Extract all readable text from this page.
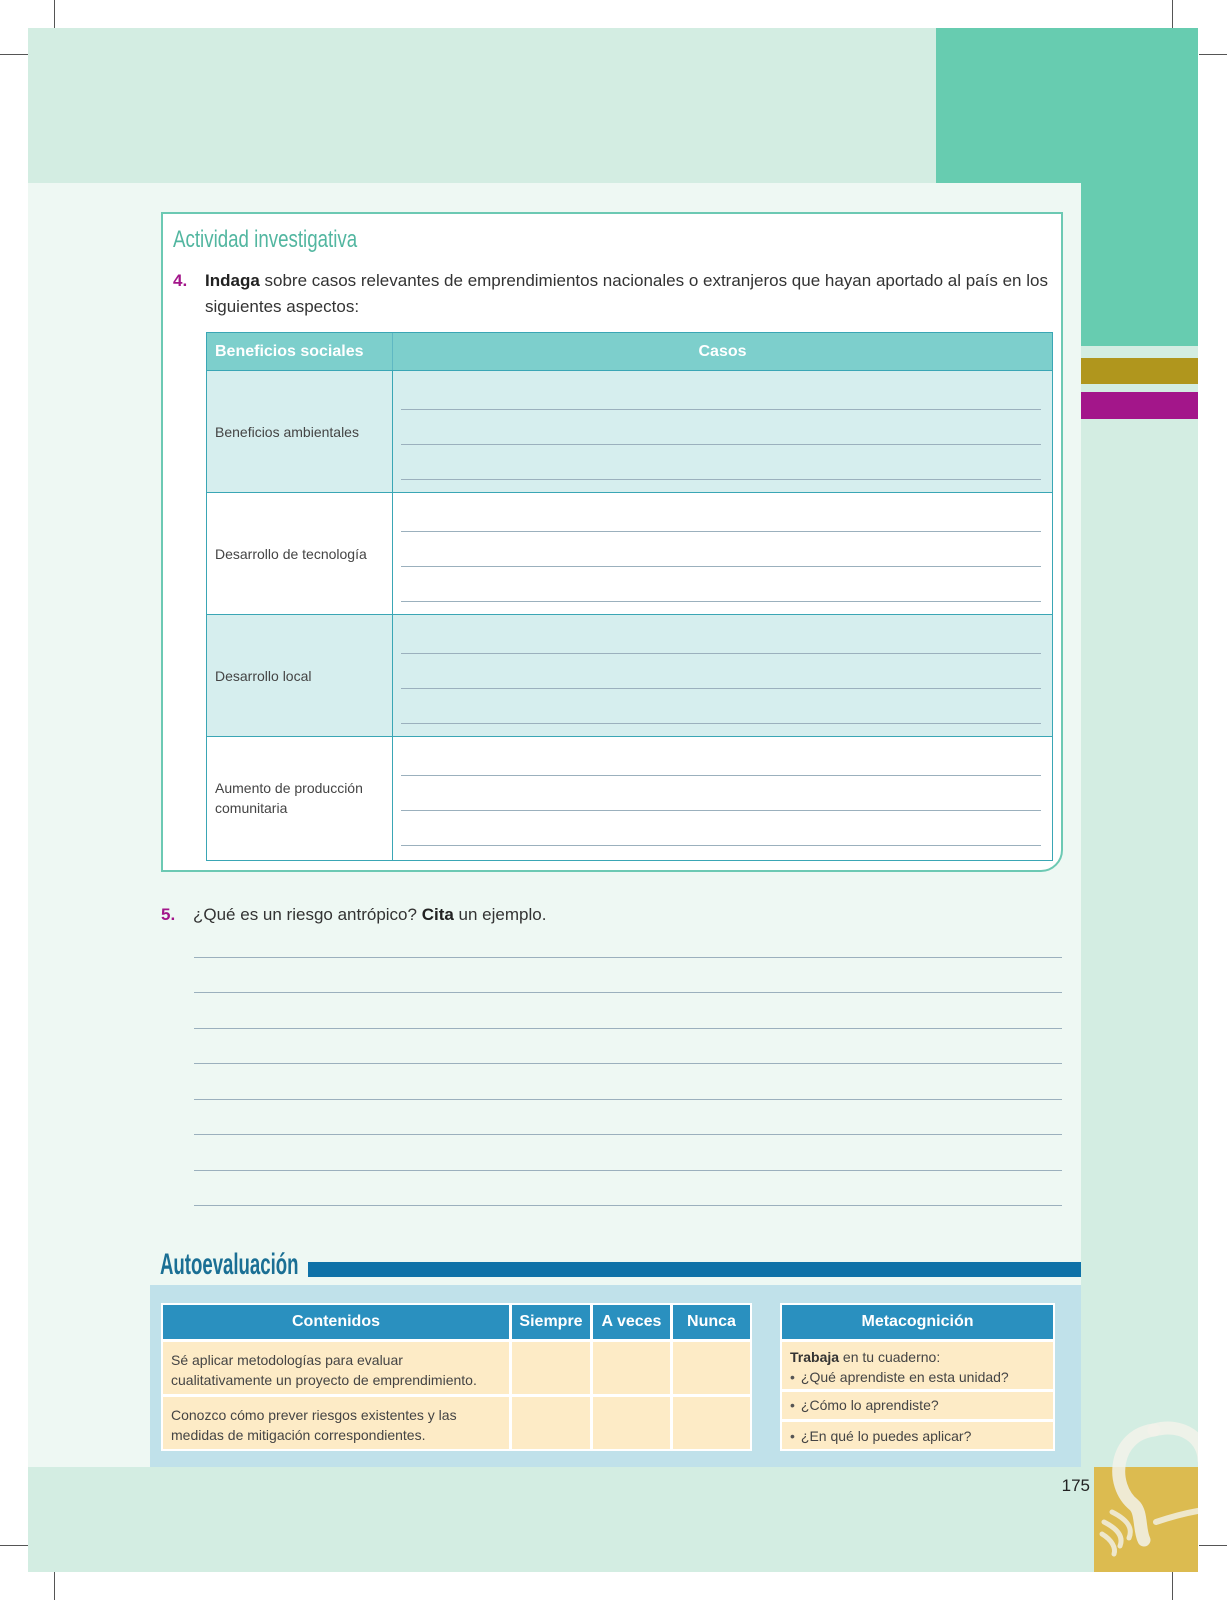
Actividad investigativa
4. Indaga sobre casos relevantes de emprendimientos nacionales o extranjeros que hayan aportado al país en los siguientes aspectos:
Beneficios sociales	Casos
Beneficios ambientales
Desarrollo de tecnología
Desarrollo local
Aumento de producción comunitaria
5. ¿Qué es un riesgo antrópico? Cita un ejemplo.
Autoevaluación
Contenidos	Siempre	A veces	Nunca
Sé aplicar metodologías para evaluar cualitativamente un proyecto de emprendimiento.
Conozco cómo prever riesgos existentes y las medidas de mitigación correspondientes.
Metacognición
Trabaja en tu cuaderno:
• ¿Qué aprendiste en esta unidad?
• ¿Cómo lo aprendiste?
• ¿En qué lo puedes aplicar?
175
